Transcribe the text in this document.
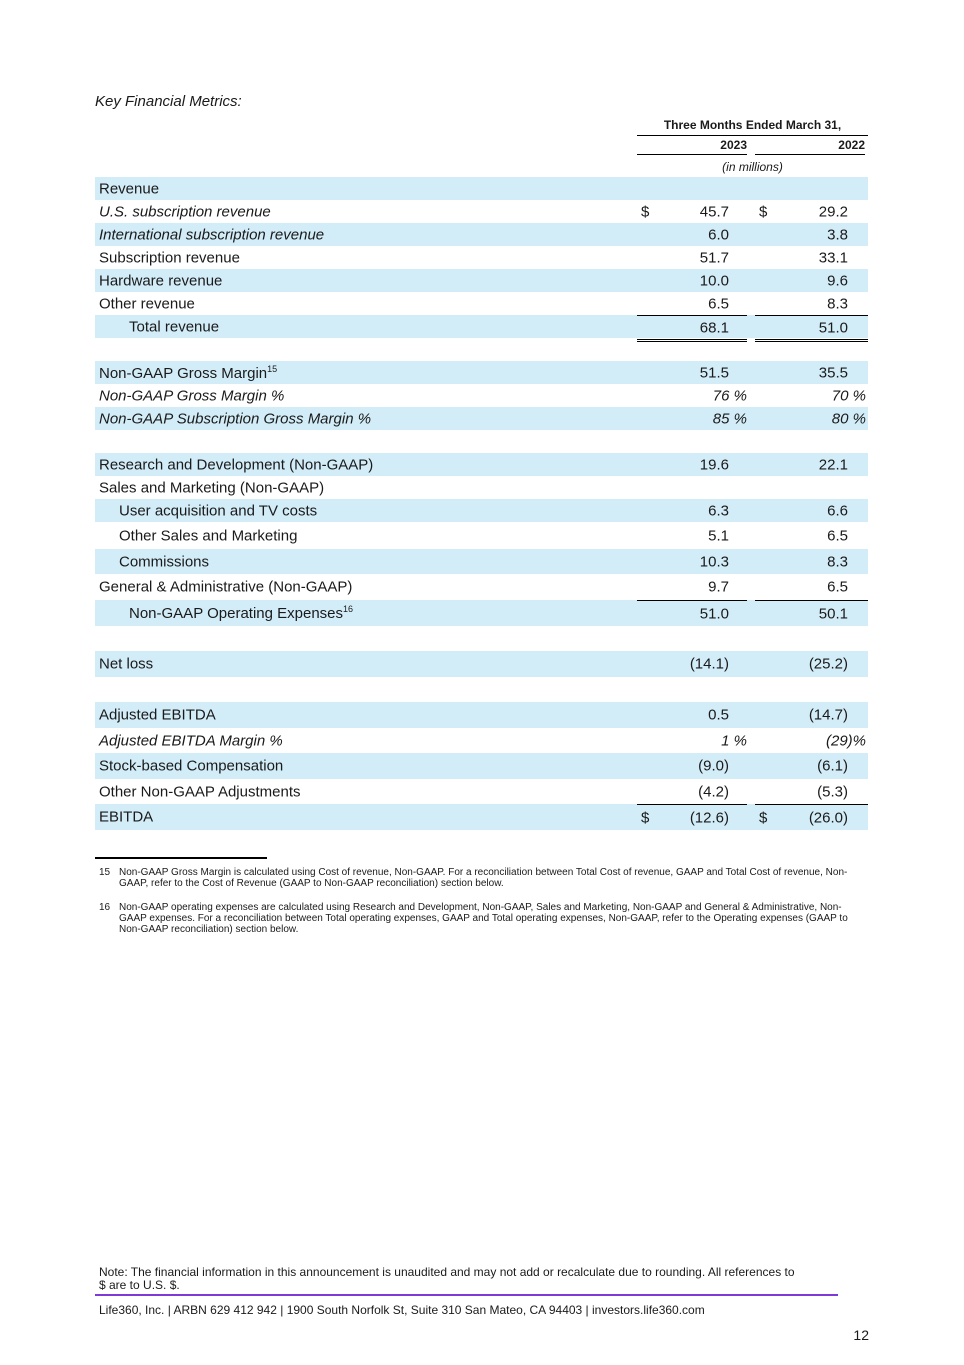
Key Financial Metrics:
Three Months Ended March 31,
2023	2022
(in millions)
Revenue
U.S. subscription revenue	$	45.7 $	29.2
International subscription revenue	6.0	3.8
Subscription revenue	51.7	33.1
Hardware revenue	10.0	9.6
Other revenue	6.5	8.3
Total revenue	68.1	51.0
Non-GAAP Gross Margin$^{15}$	51.5	35.5
Non-GAAP Gross Margin %	76 %	70 %
Non-GAAP Subscription Gross Margin %	85 %	80 %
Research and Development (Non-GAAP)	19.6	22.1
Sales and Marketing (Non-GAAP)
User acquisition and TV costs	6.3	6.6
Other Sales and Marketing	5.1	6.5
Commissions	10.3	8.3
General & Administrative (Non-GAAP)	9.7	6.5
Non-GAAP Operating Expenses$^{16}$	51.0	50.1
Net loss	(14.1)	(25.2)
Adjusted EBITDA	0.5	(14.7)
Adjusted EBITDA Margin %	1 %	(29)%
Stock-based Compensation	(9.0)	(6.1)
Other Non-GAAP Adjustments	(4.2)	(5.3)
EBITDA	$	(12.6) $	(26.0)
15 Non-GAAP Gross Margin is calculated using Cost of revenue, Non-GAAP. For a reconciliation between Total Cost of revenue, GAAP and Total Cost of revenue, Non-GAAP, refer to the Cost of Revenue (GAAP to Non-GAAP reconciliation) section below.
16 Non-GAAP operating expenses are calculated using Research and Development, Non-GAAP, Sales and Marketing, Non-GAAP and General & Administrative, Non-GAAP expenses. For a reconciliation between Total operating expenses, GAAP and Total operating expenses, Non-GAAP, refer to the Operating expenses (GAAP to Non-GAAP reconciliation) section below.
Note: The financial information in this announcement is unaudited and may not add or recalculate due to rounding. All references to $ are to U.S. $.
Life360, Inc. | ARBN 629 412 942 | 1900 South Norfolk St, Suite 310 San Mateo, CA 94403 | investors.life360.com
12
